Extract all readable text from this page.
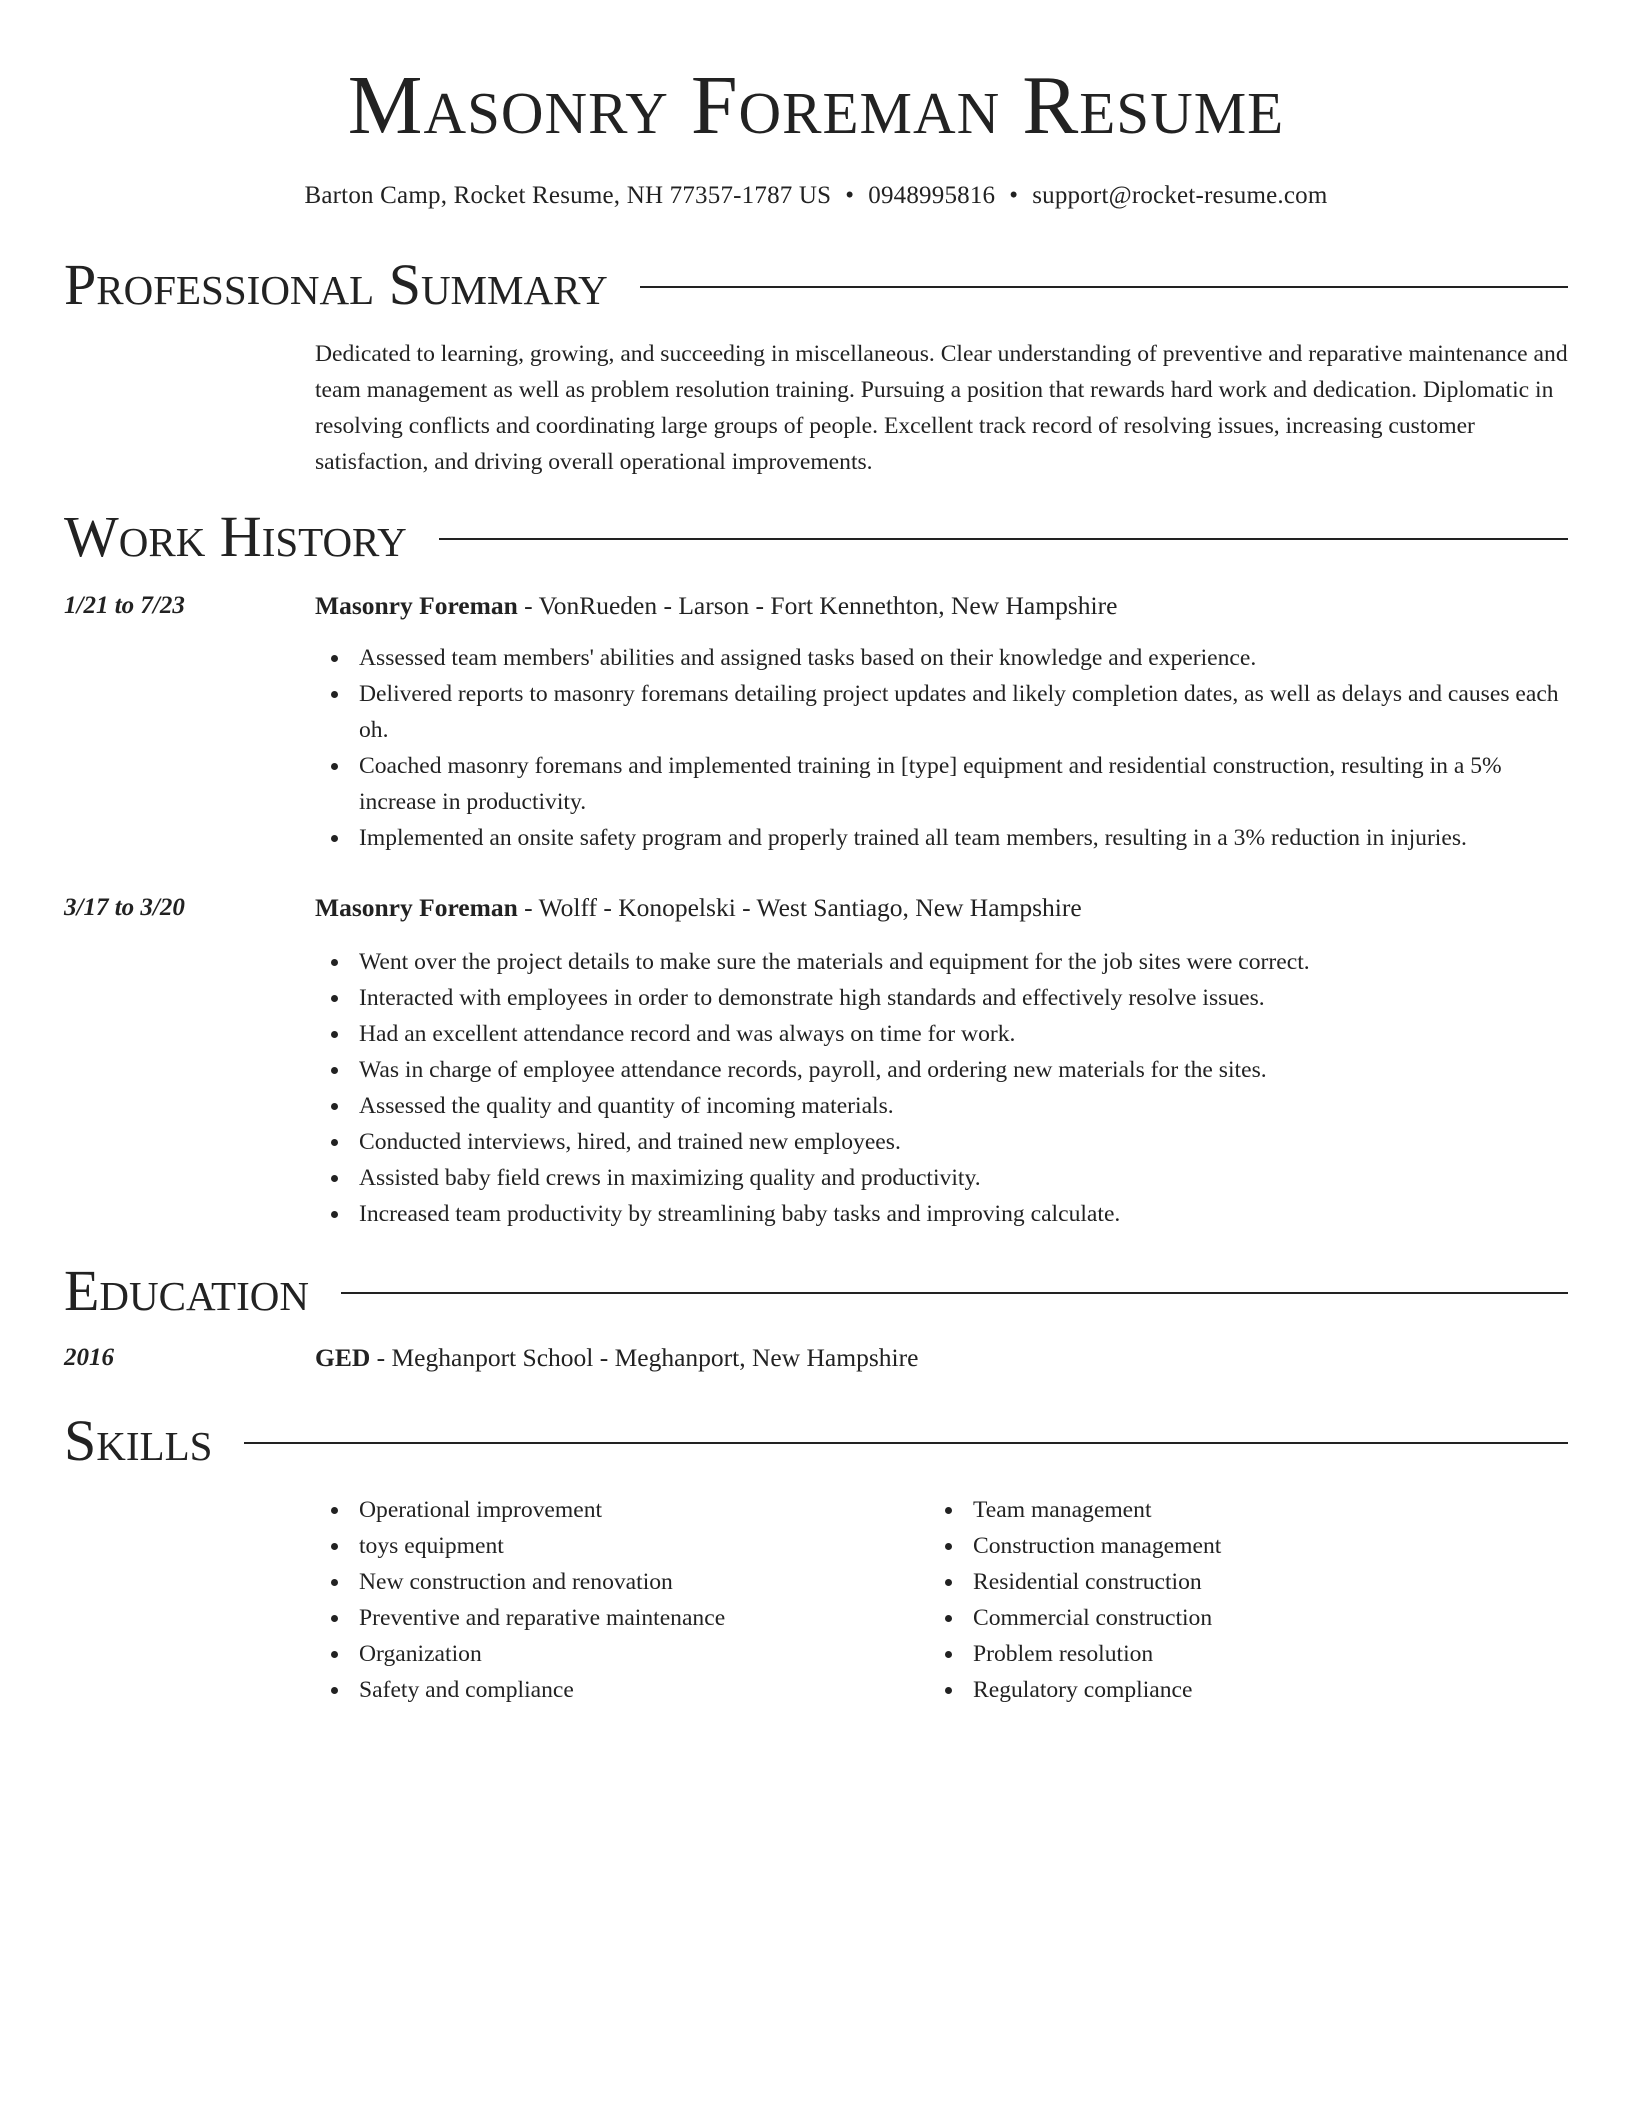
Masonry Foreman Resume
Barton Camp, Rocket Resume, NH 77357-1787 US • 0948995816 • support@rocket-resume.com
Professional Summary
Dedicated to learning, growing, and succeeding in miscellaneous. Clear understanding of preventive and reparative maintenance and team management as well as problem resolution training. Pursuing a position that rewards hard work and dedication. Diplomatic in resolving conflicts and coordinating large groups of people. Excellent track record of resolving issues, increasing customer satisfaction, and driving overall operational improvements.
Work History
1/21 to 7/23	Masonry Foreman - VonRueden - Larson - Fort Kennethton, New Hampshire
Assessed team members' abilities and assigned tasks based on their knowledge and experience.
Delivered reports to masonry foremans detailing project updates and likely completion dates, as well as delays and causes each oh.
Coached masonry foremans and implemented training in [type] equipment and residential construction, resulting in a 5% increase in productivity.
Implemented an onsite safety program and properly trained all team members, resulting in a 3% reduction in injuries.
3/17 to 3/20	Masonry Foreman - Wolff - Konopelski - West Santiago, New Hampshire
Went over the project details to make sure the materials and equipment for the job sites were correct.
Interacted with employees in order to demonstrate high standards and effectively resolve issues.
Had an excellent attendance record and was always on time for work.
Was in charge of employee attendance records, payroll, and ordering new materials for the sites.
Assessed the quality and quantity of incoming materials.
Conducted interviews, hired, and trained new employees.
Assisted baby field crews in maximizing quality and productivity.
Increased team productivity by streamlining baby tasks and improving calculate.
Education
2016	GED - Meghanport School - Meghanport, New Hampshire
Skills
Operational improvement
toys equipment
New construction and renovation
Preventive and reparative maintenance
Organization
Safety and compliance
Team management
Construction management
Residential construction
Commercial construction
Problem resolution
Regulatory compliance
